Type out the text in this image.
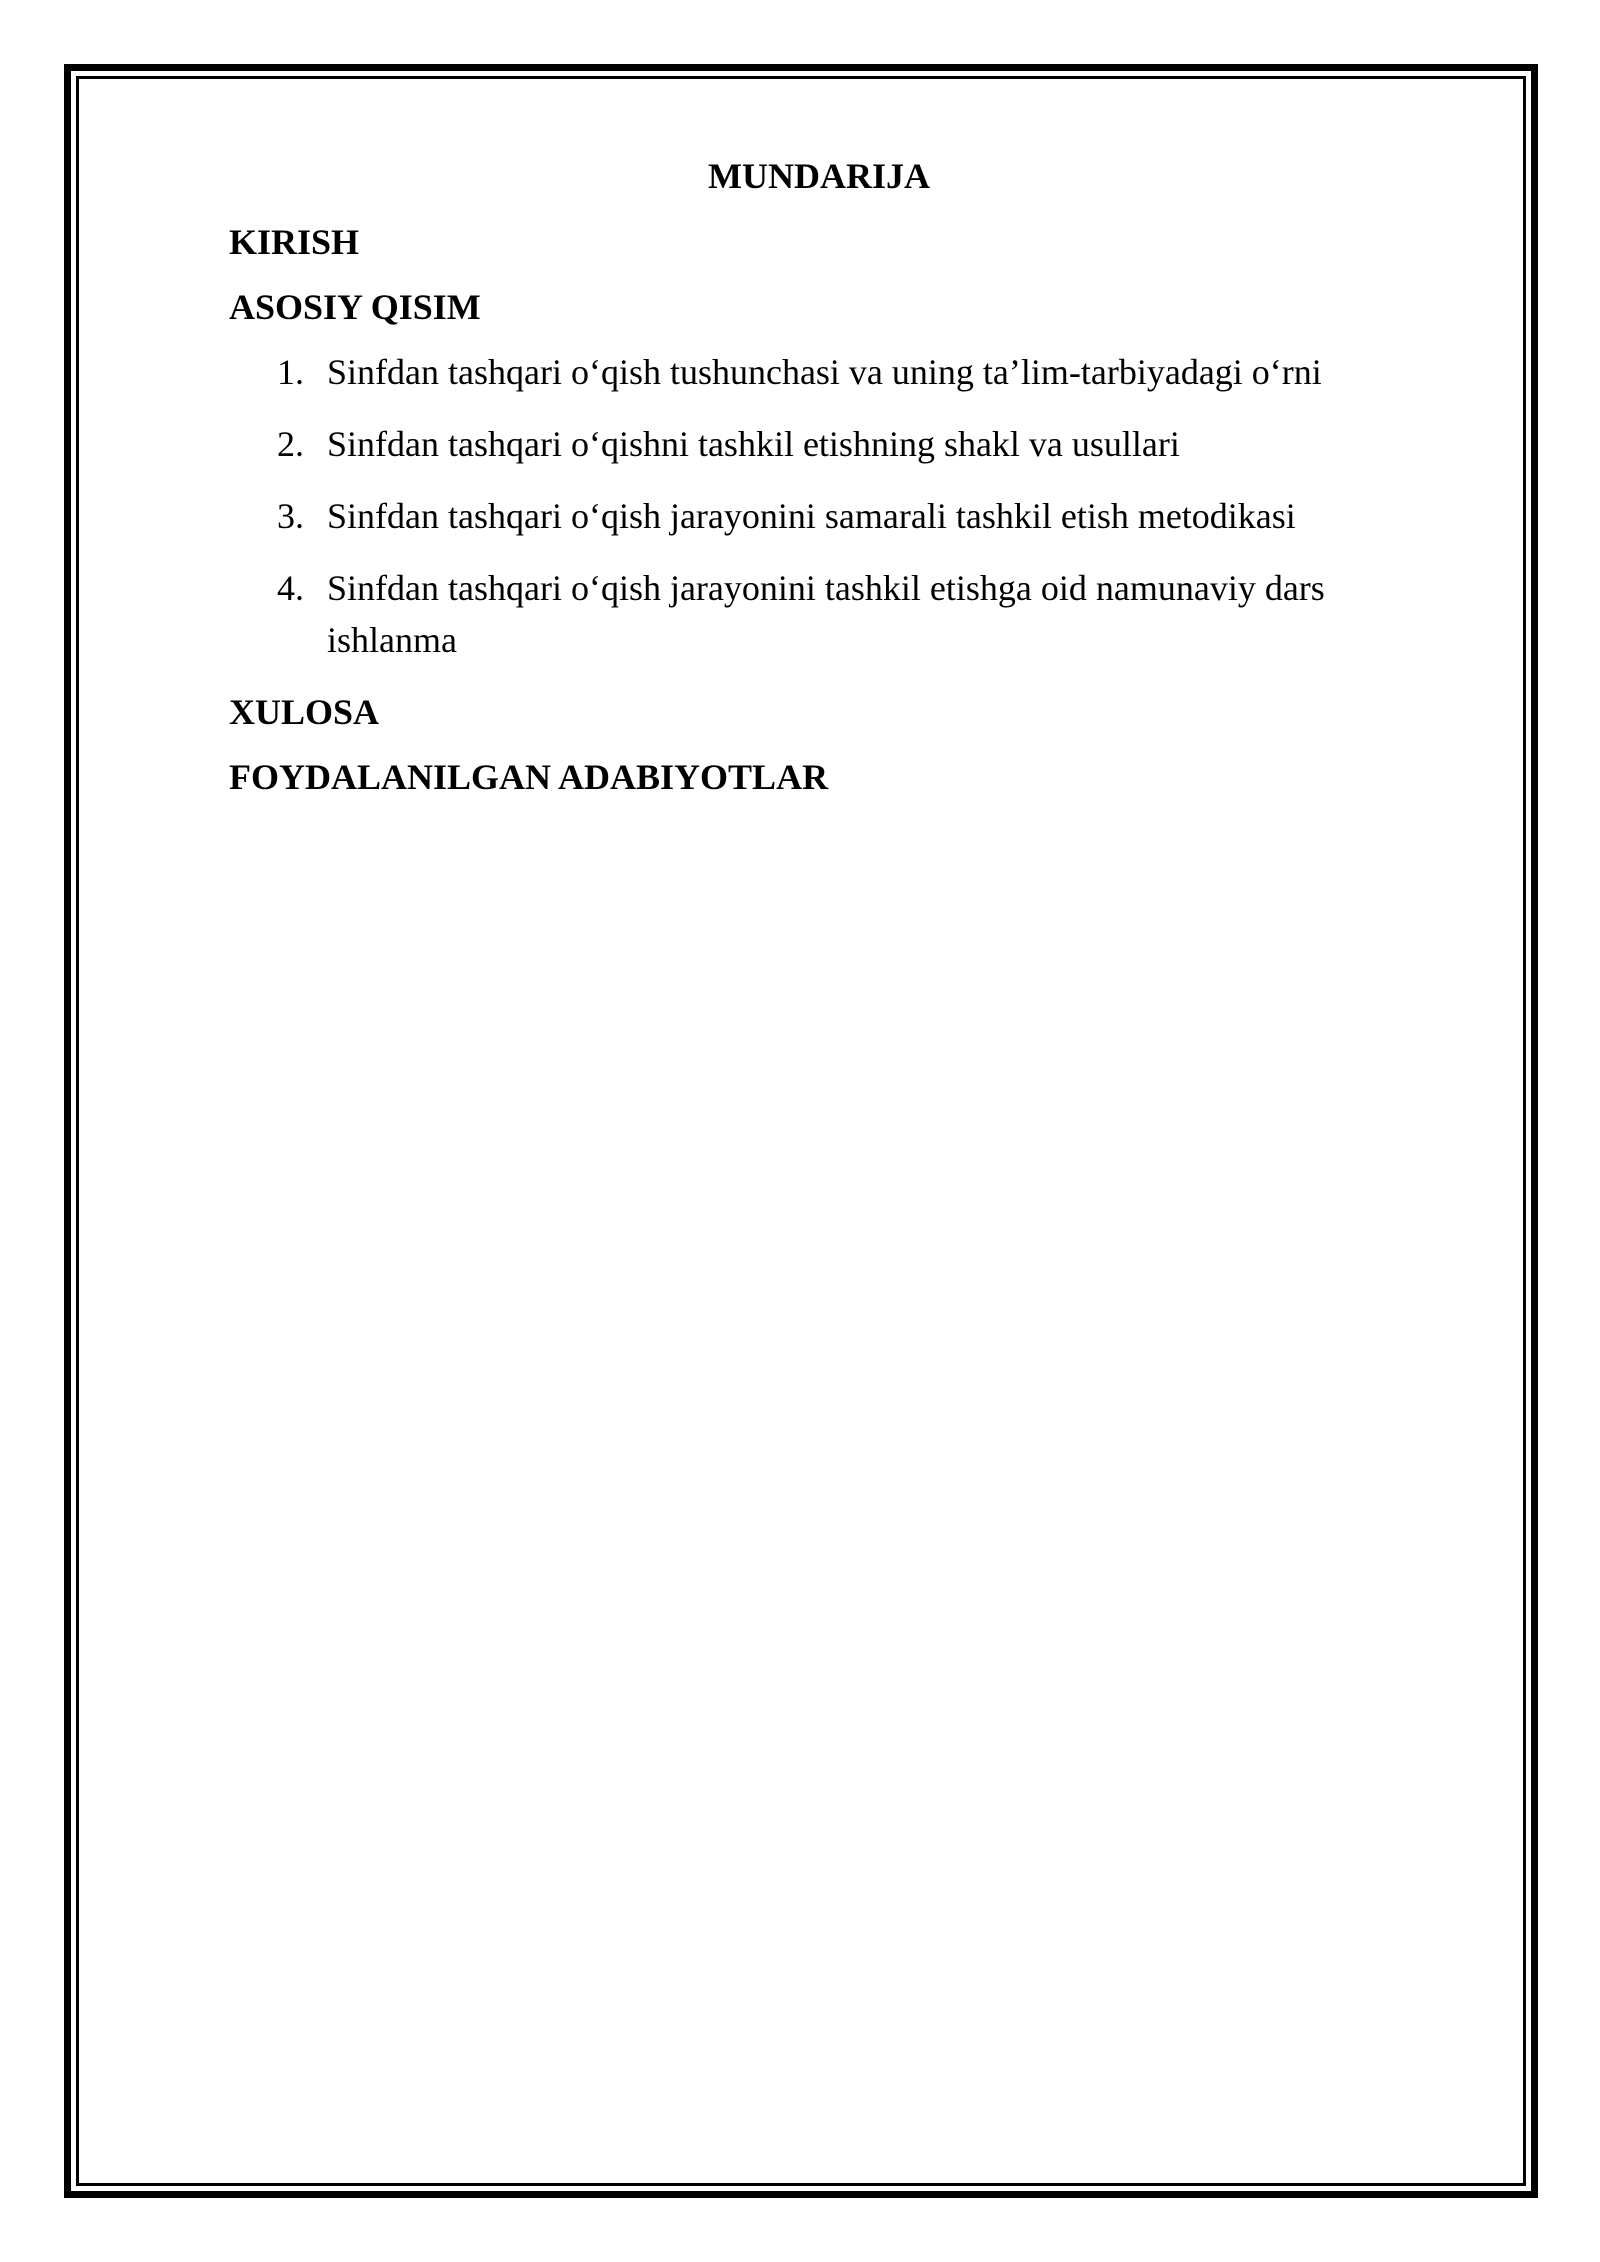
MUNDARIJA
KIRISH
ASOSIY QISIM
1. Sinfdan tashqari o‘qish tushunchasi va uning ta’lim-tarbiyadagi o‘rni
2. Sinfdan tashqari o‘qishni tashkil etishning shakl va usullari
3. Sinfdan tashqari o‘qish jarayonini samarali tashkil etish metodikasi
4. Sinfdan tashqari o‘qish jarayonini tashkil etishga oid namunaviy dars ishlanma
XULOSA
FOYDALANILGAN ADABIYOTLAR
